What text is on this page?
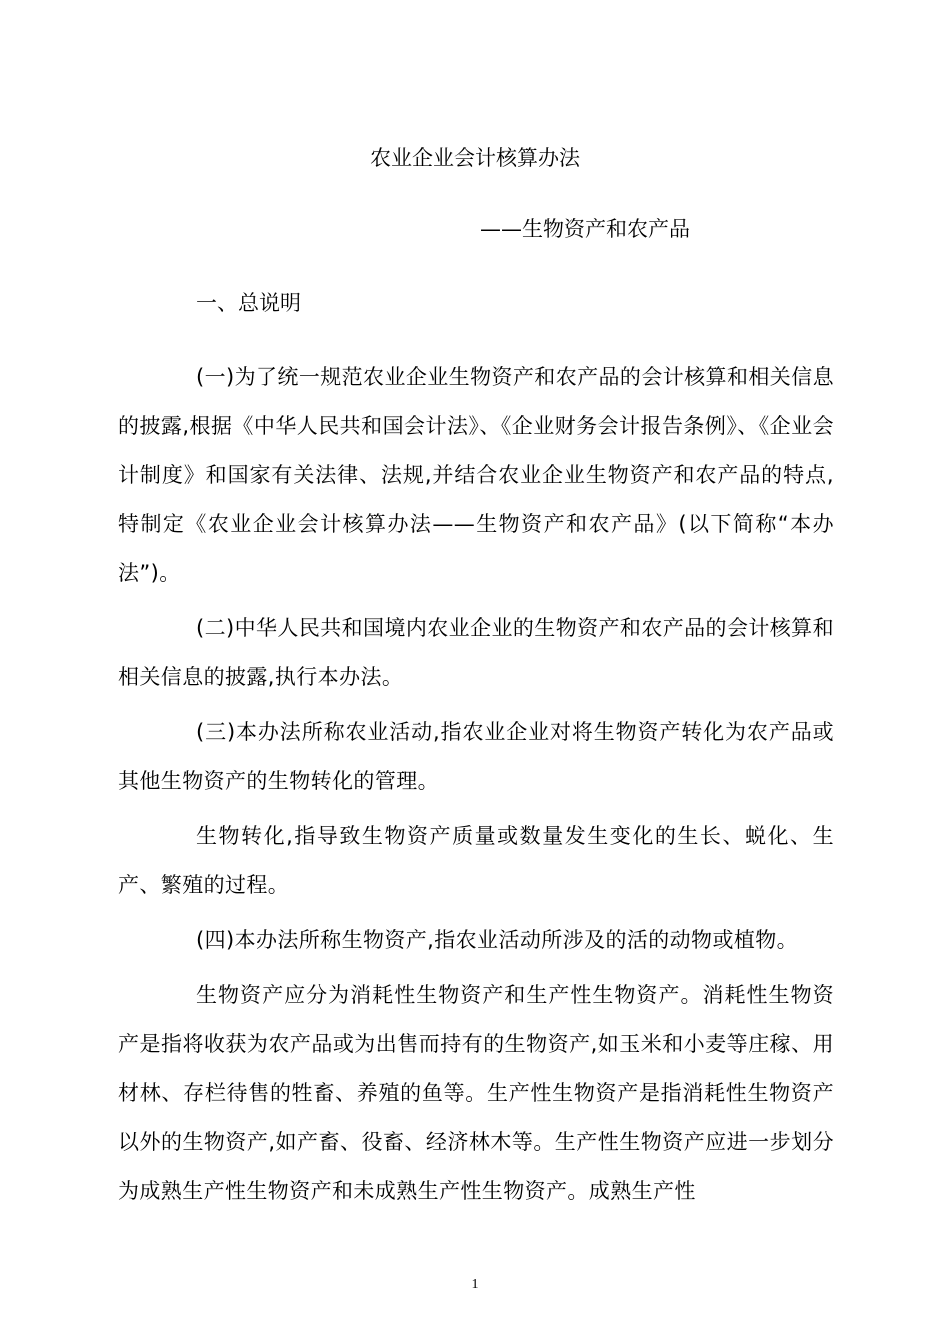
农业企业会计核算办法
——生物资产和农产品
一、总说明

(一)为了统一规范农业企业生物资产和农产品的会计核算和相关信息的披露,根据《中华人民共和国会计法》、《企业财务会计报告条例》、《企业会计制度》和国家有关法律、法规,并结合农业企业生物资产和农产品的特点,特制定《农业企业会计核算办法——生物资产和农产品》(以下简称“本办法”)。

(二)中华人民共和国境内农业企业的生物资产和农产品的会计核算和相关信息的披露,执行本办法。

(三)本办法所称农业活动,指农业企业对将生物资产转化为农产品或其他生物资产的生物转化的管理。

生物转化,指导致生物资产质量或数量发生变化的生长、蜕化、生产、繁殖的过程。

(四)本办法所称生物资产,指农业活动所涉及的活的动物或植物。

生物资产应分为消耗性生物资产和生产性生物资产。消耗性生物资产是指将收获为农产品或为出售而持有的生物资产,如玉米和小麦等庄稼、用材林、存栏待售的牲畜、养殖的鱼等。生产性生物资产是指消耗性生物资产以外的生物资产,如产畜、役畜、经济林木等。生产性生物资产应进一步划分为成熟生产性生物资产和未成熟生产性生物资产。成熟生产性

1
